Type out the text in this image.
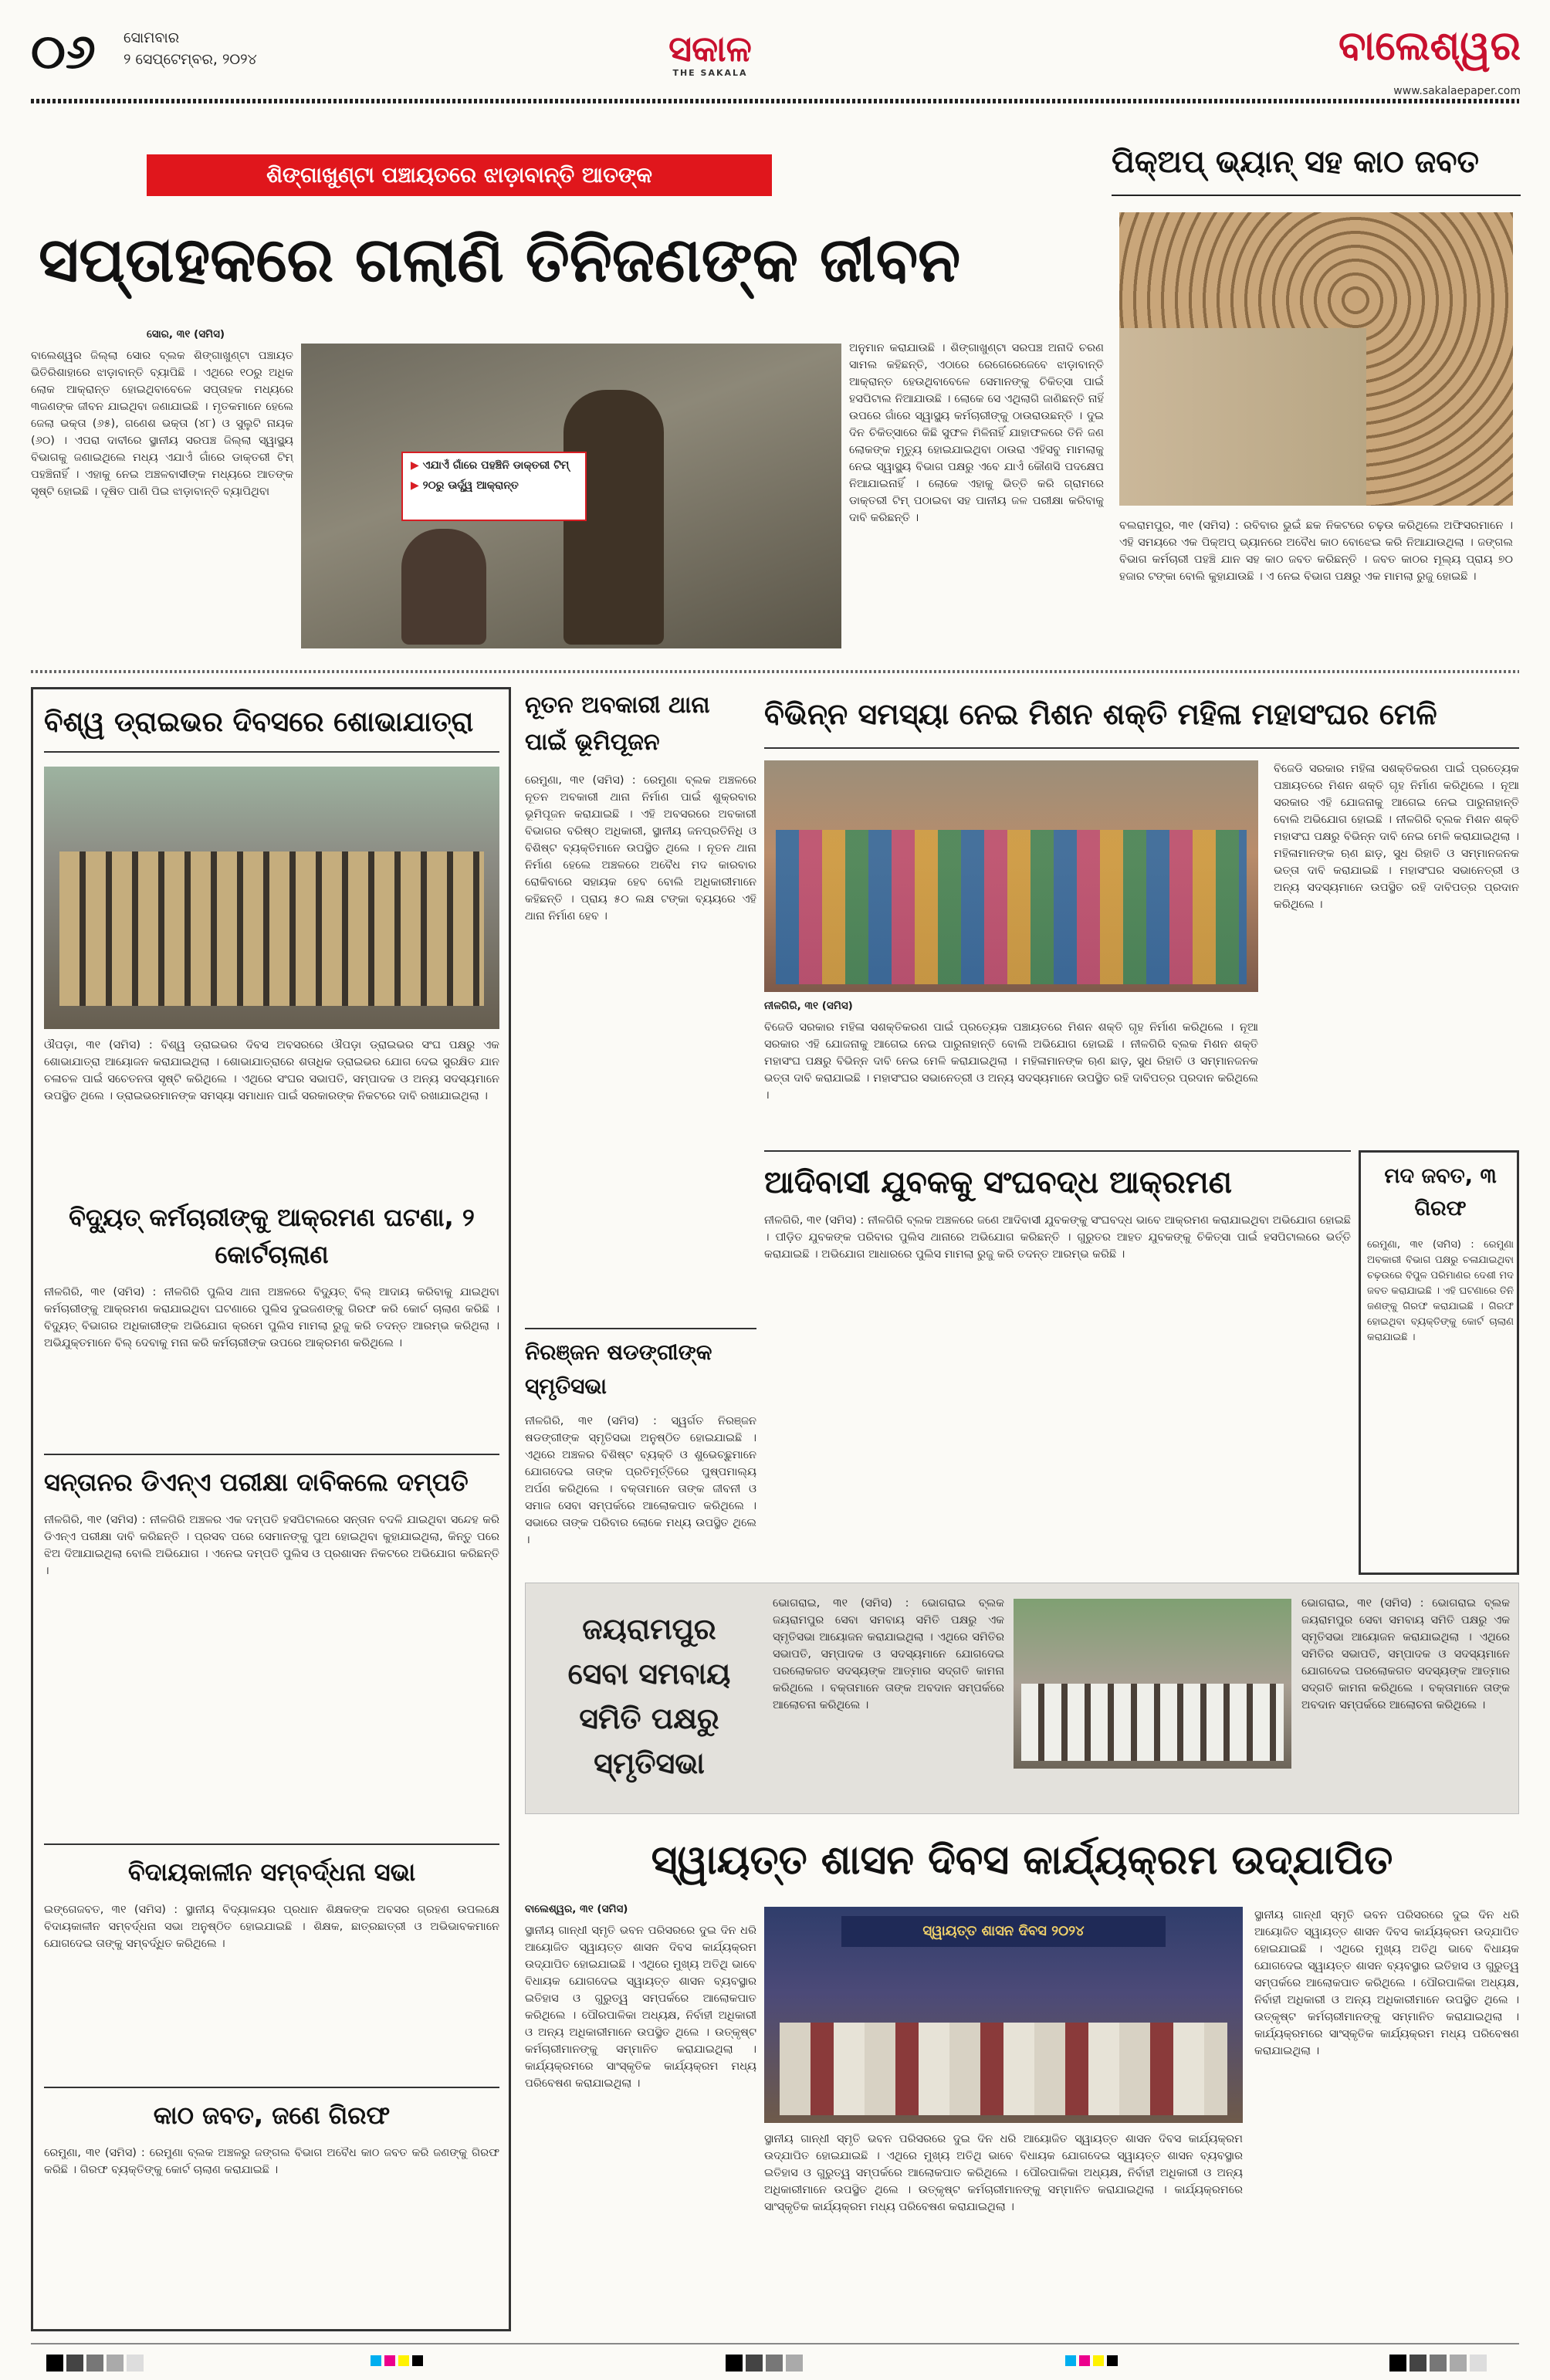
୦୬ ସୋମବାର
୨ ସେପ୍ଟେମ୍ବର, ୨୦୨୪	ସକାଳ
THE SAKALA
ବାଲେଶ୍ୱର
www.sakalaepaper.com
ଶିଙ୍ଗାଖୁଣ୍ଟା ପଞ୍ଚାୟତରେ ଝାଡ଼ାବାନ୍ତି ଆତଙ୍କ
ସପ୍ତାହକରେ ଗଲାଣି ତିନିଜଣଙ୍କ ଜୀବନ
ସୋର, ୩୧ (ସମିସ)
ବାଲେଶ୍ୱର ଜିଲ୍ଲା ସୋର ବ୍ଲକ ଶିଙ୍ଗାଖୁଣ୍ଟା ପଞ୍ଚାୟତ ଭିତିରିଶାହାରେ ଝାଡ଼ାବାନ୍ତି ବ୍ୟାପିଛି । ଏଥିରେ ୧୦ରୁ ଅଧିକ ଲୋକ ଆକ୍ରାନ୍ତ ହୋଇଥିବାବେଳେ ସପ୍ତାହକ ମଧ୍ୟରେ ୩ଜଣଙ୍କ ଜୀବନ ଯାଇଥିବା ଜଣାଯାଇଛି । ମୃତକମାନେ ହେଲେ ଜେଲା ଭକ୍ତା (୬୫), ଗଣେଶ ଭକ୍ତା (୪୮) ଓ ସୁଲୁଟି ନାୟକ (୬୦) । ଏପରା ଦାବୀରେ ସ୍ଥାନୀୟ ସରପଞ୍ଚ ଜିଲ୍ଲା ସ୍ୱାସ୍ଥ୍ୟ ବିଭାଗକୁ ଜଣାଇଥିଲେ ମଧ୍ୟ ଏଯାଏଁ ଗାଁରେ ଡାକ୍ତରୀ ଟିମ୍ ପହଞ୍ଚିନାହିଁ । ଏହାକୁ ନେଇ ଅଞ୍ଚଳବାସୀଙ୍କ ମଧ୍ୟରେ ଆତଙ୍କ ସୃଷ୍ଟି ହୋଇଛି । ଦୂଷିତ ପାଣି ପିଇ ଝାଡ଼ାବାନ୍ତି ବ୍ୟାପିଥିବା
▶ ଏଯାଏଁ ଗାଁରେ ପହଞ୍ଚିନି ଡାକ୍ତରୀ ଟିମ୍
▶ ୨୦ରୁ ଊର୍ଦ୍ଧ୍ୱ ଆକ୍ରାନ୍ତ
ଅନୁମାନ କରାଯାଉଛି । ଶିଙ୍ଗାଖୁଣ୍ଟା ସରପଞ୍ଚ ଅନାଦି ଚରଣ ସାମଲ କହିଛନ୍ତି, ଏଠାରେ ରେଗେରେଜେବେ ଝାଡ଼ାବାନ୍ତି ଆକ୍ରାନ୍ତ ହେଉଥିବାବେଳେ ସେମାନଙ୍କୁ ଚିକିତ୍ସା ପାଇଁ ହସପିଟାଲ ନିଆଯାଉଛି । ଲୋକେ ସେ ଏଥିଲାଗି ଜାଣିଛନ୍ତି ନାହିଁ ଉପରେ ଗାଁରେ ସ୍ୱାସ୍ଥ୍ୟ କର୍ମଚାରୀଙ୍କୁ ଠାଉରାଉଛନ୍ତି । ଦୁଇ ଦିନ ଚିକିତ୍ସାରେ କିଛି ସୁଫଳ ମିଳିନାହିଁ ଯାହାଫଳରେ ତିନି ଜଣ ଲୋକଙ୍କ ମୃତ୍ୟୁ ହୋଇଯାଇଥିବା ଠାଉରା ଏହିସବୁ ମାମଲାକୁ ନେଇ ସ୍ୱାସ୍ଥ୍ୟ ବିଭାଗ ପକ୍ଷରୁ ଏବେ ଯାଏଁ କୌଣସି ପଦକ୍ଷେପ ନିଆଯାଇନାହିଁ । ଲୋକେ ଏହାକୁ ଭିତ୍ତି କରି ଗ୍ରାମରେ ଡାକ୍ତରୀ ଟିମ୍ ପଠାଇବା ସହ ପାନୀୟ ଜଳ ପରୀକ୍ଷା କରିବାକୁ ଦାବି କରିଛନ୍ତି ।
ପିକ୍‌ଅପ୍ ଭ୍ୟାନ୍ ସହ କାଠ ଜବତ
ବଲରାମପୁର, ୩୧ (ସମିସ) : ରବିବାର ଭୁଇଁ ଛକ ନିକଟରେ ଚଢ଼ଉ କରିଥିଲେ ଅଫିସରମାନେ । ଏହି ସମୟରେ ଏକ ପିକ୍‌ଅପ୍ ଭ୍ୟାନରେ ଅବୈଧ କାଠ ବୋଝେଇ କରି ନିଆଯାଉଥିଲା । ଜଙ୍ଗଲ ବିଭାଗ କର୍ମଚାରୀ ପହଞ୍ଚି ଯାନ ସହ କାଠ ଜବତ କରିଛନ୍ତି । ଜବତ କାଠର ମୂଲ୍ୟ ପ୍ରାୟ ୭୦ ହଜାର ଟଙ୍କା ବୋଲି କୁହାଯାଉଛି । ଏ ନେଇ ବିଭାଗ ପକ୍ଷରୁ ଏକ ମାମଲା ରୁଜୁ ହୋଇଛି ।
ବିଶ୍ୱ ଡ୍ରାଇଭର ଦିବସରେ ଶୋଭାଯାତ୍ରା
ଔପଡ଼ା, ୩୧ (ସମିସ) : ବିଶ୍ୱ ଡ୍ରାଇଭର ଦିବସ ଅବସରରେ ଔପଡ଼ା ଡ୍ରାଇଭର ସଂଘ ପକ୍ଷରୁ ଏକ ଶୋଭାଯାତ୍ରା ଆୟୋଜନ କରାଯାଇଥିଲା । ଶୋଭାଯାତ୍ରାରେ ଶତାଧିକ ଡ୍ରାଇଭର ଯୋଗ ଦେଇ ସୁରକ୍ଷିତ ଯାନ ଚଳାଚଳ ପାଇଁ ସଚେତନତା ସୃଷ୍ଟି କରିଥିଲେ । ଏଥିରେ ସଂଘର ସଭାପତି, ସମ୍ପାଦକ ଓ ଅନ୍ୟ ସଦସ୍ୟମାନେ ଉପସ୍ଥିତ ଥିଲେ । ଡ୍ରାଇଭରମାନଙ୍କ ସମସ୍ୟା ସମାଧାନ ପାଇଁ ସରକାରଙ୍କ ନିକଟରେ ଦାବି ରଖାଯାଇଥିଲା ।
ବିଦ୍ୟୁତ୍ କର୍ମଚାରୀଙ୍କୁ ଆକ୍ରମଣ ଘଟଣା, ୨ କୋର୍ଟଚାଲାଣ
ନୀଳଗିରି, ୩୧ (ସମିସ) : ନୀଳଗିରି ପୁଲିସ ଥାନା ଅଞ୍ଚଳରେ ବିଦ୍ୟୁତ୍ ବିଲ୍ ଆଦାୟ କରିବାକୁ ଯାଇଥିବା କର୍ମଚାରୀଙ୍କୁ ଆକ୍ରମଣ କରାଯାଇଥିବା ଘଟଣାରେ ପୁଲିସ ଦୁଇଜଣଙ୍କୁ ଗିରଫ କରି କୋର୍ଟ ଚାଲାଣ କରିଛି । ବିଦ୍ୟୁତ୍ ବିଭାଗର ଅଧିକାରୀଙ୍କ ଅଭିଯୋଗ କ୍ରମେ ପୁଲିସ ମାମଲା ରୁଜୁ କରି ତଦନ୍ତ ଆରମ୍ଭ କରିଥିଲା । ଅଭିଯୁକ୍ତମାନେ ବିଲ୍ ଦେବାକୁ ମନା କରି କର୍ମଚାରୀଙ୍କ ଉପରେ ଆକ୍ରମଣ କରିଥିଲେ ।
ସନ୍ତାନର ଡିଏନ୍‌ଏ ପରୀକ୍ଷା ଦାବିକଲେ ଦମ୍ପତି
ନୀଳଗିରି, ୩୧ (ସମିସ) : ନୀଳଗିରି ଅଞ୍ଚଳର ଏକ ଦମ୍ପତି ହସପିଟାଲରେ ସନ୍ତାନ ବଦଳି ଯାଇଥିବା ସନ୍ଦେହ କରି ଡିଏନ୍‌ଏ ପରୀକ୍ଷା ଦାବି କରିଛନ୍ତି । ପ୍ରସବ ପରେ ସେମାନଙ୍କୁ ପୁଅ ହୋଇଥିବା କୁହାଯାଇଥିଲା, କିନ୍ତୁ ପରେ ଝିଅ ଦିଆଯାଇଥିଲା ବୋଲି ଅଭିଯୋଗ । ଏନେଇ ଦମ୍ପତି ପୁଲିସ ଓ ପ୍ରଶାସନ ନିକଟରେ ଅଭିଯୋଗ କରିଛନ୍ତି ।
ବିଦାୟକାଳୀନ ସମ୍ବର୍ଦ୍ଧନା ସଭା
ଇଙ୍ଗେଜବତ, ୩୧ (ସମିସ) : ସ୍ଥାନୀୟ ବିଦ୍ୟାଳୟର ପ୍ରଧାନ ଶିକ୍ଷକଙ୍କ ଅବସର ଗ୍ରହଣ ଉପଲକ୍ଷେ ବିଦାୟକାଳୀନ ସମ୍ବର୍ଦ୍ଧନା ସଭା ଅନୁଷ୍ଠିତ ହୋଇଯାଇଛି । ଶିକ୍ଷକ, ଛାତ୍ରଛାତ୍ରୀ ଓ ଅଭିଭାବକମାନେ ଯୋଗଦେଇ ତାଙ୍କୁ ସମ୍ବର୍ଦ୍ଧିତ କରିଥିଲେ ।
କାଠ ଜବତ, ଜଣେ ଗିରଫ
ରେମୁଣା, ୩୧ (ସମିସ) : ରେମୁଣା ବ୍ଲକ ଅଞ୍ଚଳରୁ ଜଙ୍ଗଲ ବିଭାଗ ଅବୈଧ କାଠ ଜବତ କରି ଜଣଙ୍କୁ ଗିରଫ କରିଛି । ଗିରଫ ବ୍ୟକ୍ତିଙ୍କୁ କୋର୍ଟ ଚାଲାଣ କରାଯାଇଛି ।
ନୂତନ ଅବକାରୀ ଥାନା ପାଇଁ ଭୂମିପୂଜନ
ରେମୁଣା, ୩୧ (ସମିସ) : ରେମୁଣା ବ୍ଲକ ଅଞ୍ଚଳରେ ନୂତନ ଅବକାରୀ ଥାନା ନିର୍ମାଣ ପାଇଁ ଶୁକ୍ରବାର ଭୂମିପୂଜନ କରାଯାଇଛି । ଏହି ଅବସରରେ ଅବକାରୀ ବିଭାଗର ବରିଷ୍ଠ ଅଧିକାରୀ, ସ୍ଥାନୀୟ ଜନପ୍ରତିନିଧି ଓ ବିଶିଷ୍ଟ ବ୍ୟକ୍ତିମାନେ ଉପସ୍ଥିତ ଥିଲେ । ନୂତନ ଥାନା ନିର୍ମାଣ ହେଲେ ଅଞ୍ଚଳରେ ଅବୈଧ ମଦ କାରବାର ରୋକିବାରେ ସହାୟକ ହେବ ବୋଲି ଅଧିକାରୀମାନେ କହିଛନ୍ତି । ପ୍ରାୟ ୫୦ ଲକ୍ଷ ଟଙ୍କା ବ୍ୟୟରେ ଏହି ଥାନା ନିର୍ମାଣ ହେବ ।
ନିରଞ୍ଜନ ଷଡଙ୍ଗୀଙ୍କ ସ୍ମୃତିସଭା
ନୀଳଗିରି, ୩୧ (ସମିସ) : ସ୍ୱର୍ଗତ ନିରଞ୍ଜନ ଷଡଙ୍ଗୀଙ୍କ ସ୍ମୃତିସଭା ଅନୁଷ୍ଠିତ ହୋଇଯାଇଛି । ଏଥିରେ ଅଞ୍ଚଳର ବିଶିଷ୍ଟ ବ୍ୟକ୍ତି ଓ ଶୁଭେଚ୍ଛୁମାନେ ଯୋଗଦେଇ ତାଙ୍କ ପ୍ରତିମୂର୍ତ୍ତିରେ ପୁଷ୍ପମାଲ୍ୟ ଅର୍ପଣ କରିଥିଲେ । ବକ୍ତାମାନେ ତାଙ୍କ ଜୀବନୀ ଓ ସମାଜ ସେବା ସମ୍ପର୍କରେ ଆଲୋକପାତ କରିଥିଲେ । ସଭାରେ ତାଙ୍କ ପରିବାର ଲୋକେ ମଧ୍ୟ ଉପସ୍ଥିତ ଥିଲେ ।
ବିଭିନ୍ନ ସମସ୍ୟା ନେଇ ମିଶନ ଶକ୍ତି ମହିଳା ମହାସଂଘର ମେଳି
ନୀଳଗିରି, ୩୧ (ସମିସ)
ବିଜେଡି ସରକାର ମହିଳା ସଶକ୍ତିକରଣ ପାଇଁ ପ୍ରତ୍ୟେକ ପଞ୍ଚାୟତରେ ମିଶନ ଶକ୍ତି ଗୃହ ନିର୍ମାଣ କରିଥିଲେ । ନୂଆ ସରକାର ଏହି ଯୋଜନାକୁ ଆଗେଇ ନେଇ ପାରୁନାହାନ୍ତି ବୋଲି ଅଭିଯୋଗ ହୋଇଛି । ନୀଳଗିରି ବ୍ଲକ ମିଶନ ଶକ୍ତି ମହାସଂଘ ପକ୍ଷରୁ ବିଭିନ୍ନ ଦାବି ନେଇ ମେଳି କରାଯାଇଥିଲା । ମହିଳାମାନଙ୍କ ଋଣ ଛାଡ଼, ସୁଧ ରିହାତି ଓ ସମ୍ମାନଜନକ ଭତ୍ତା ଦାବି କରାଯାଇଛି । ମହାସଂଘର ସଭାନେତ୍ରୀ ଓ ଅନ୍ୟ ସଦସ୍ୟମାନେ ଉପସ୍ଥିତ ରହି ଦାବିପତ୍ର ପ୍ରଦାନ କରିଥିଲେ ।
ବିଜେଡି ସରକାର ମହିଳା ସଶକ୍ତିକରଣ ପାଇଁ ପ୍ରତ୍ୟେକ ପଞ୍ଚାୟତରେ ମିଶନ ଶକ୍ତି ଗୃହ ନିର୍ମାଣ କରିଥିଲେ । ନୂଆ ସରକାର ଏହି ଯୋଜନାକୁ ଆଗେଇ ନେଇ ପାରୁନାହାନ୍ତି ବୋଲି ଅଭିଯୋଗ ହୋଇଛି । ନୀଳଗିରି ବ୍ଲକ ମିଶନ ଶକ୍ତି ମହାସଂଘ ପକ୍ଷରୁ ବିଭିନ୍ନ ଦାବି ନେଇ ମେଳି କରାଯାଇଥିଲା । ମହିଳାମାନଙ୍କ ଋଣ ଛାଡ଼, ସୁଧ ରିହାତି ଓ ସମ୍ମାନଜନକ ଭତ୍ତା ଦାବି କରାଯାଇଛି । ମହାସଂଘର ସଭାନେତ୍ରୀ ଓ ଅନ୍ୟ ସଦସ୍ୟମାନେ ଉପସ୍ଥିତ ରହି ଦାବିପତ୍ର ପ୍ରଦାନ କରିଥିଲେ ।
ଆଦିବାସୀ ଯୁବକକୁ ସଂଘବଦ୍ଧ ଆକ୍ରମଣ
ନୀଳଗିରି, ୩୧ (ସମିସ) : ନୀଳଗିରି ବ୍ଲକ ଅଞ୍ଚଳରେ ଜଣେ ଆଦିବାସୀ ଯୁବକଙ୍କୁ ସଂଘବଦ୍ଧ ଭାବେ ଆକ୍ରମଣ କରାଯାଇଥିବା ଅଭିଯୋଗ ହୋଇଛି । ପୀଡ଼ିତ ଯୁବକଙ୍କ ପରିବାର ପୁଲିସ ଥାନାରେ ଅଭିଯୋଗ କରିଛନ୍ତି । ଗୁରୁତର ଆହତ ଯୁବକଙ୍କୁ ଚିକିତ୍ସା ପାଇଁ ହସପିଟାଲରେ ଭର୍ତ୍ତି କରାଯାଇଛି । ଅଭିଯୋଗ ଆଧାରରେ ପୁଲିସ ମାମଲା ରୁଜୁ କରି ତଦନ୍ତ ଆରମ୍ଭ କରିଛି ।
ମଦ ଜବତ, ୩ ଗିରଫ
ରେମୁଣା, ୩୧ (ସମିସ) : ରେମୁଣା ଅବକାରୀ ବିଭାଗ ପକ୍ଷରୁ ଚଳାଯାଇଥିବା ଚଢ଼ଉରେ ବିପୁଳ ପରିମାଣର ଦେଶୀ ମଦ ଜବତ କରାଯାଇଛି । ଏହି ଘଟଣାରେ ତିନି ଜଣଙ୍କୁ ଗିରଫ କରାଯାଇଛି । ଗିରଫ ହୋଇଥିବା ବ୍ୟକ୍ତିଙ୍କୁ କୋର୍ଟ ଚାଲାଣ କରାଯାଇଛି ।
ଜୟରାମପୁର
ସେବା ସମବାୟ
ସମିତି ପକ୍ଷରୁ
ସ୍ମୃତିସଭା
ଭୋଗରାଇ, ୩୧ (ସମିସ) : ଭୋଗରାଇ ବ୍ଲକ ଜୟରାମପୁର ସେବା ସମବାୟ ସମିତି ପକ୍ଷରୁ ଏକ ସ୍ମୃତିସଭା ଆୟୋଜନ କରାଯାଇଥିଲା । ଏଥିରେ ସମିତିର ସଭାପତି, ସମ୍ପାଦକ ଓ ସଦସ୍ୟମାନେ ଯୋଗଦେଇ ପରଲୋକଗତ ସଦସ୍ୟଙ୍କ ଆତ୍ମାର ସଦ୍‌ଗତି କାମନା କରିଥିଲେ । ବକ୍ତାମାନେ ତାଙ୍କ ଅବଦାନ ସମ୍ପର୍କରେ ଆଲୋଚନା କରିଥିଲେ ।
ଭୋଗରାଇ, ୩୧ (ସମିସ) : ଭୋଗରାଇ ବ୍ଲକ ଜୟରାମପୁର ସେବା ସମବାୟ ସମିତି ପକ୍ଷରୁ ଏକ ସ୍ମୃତିସଭା ଆୟୋଜନ କରାଯାଇଥିଲା । ଏଥିରେ ସମିତିର ସଭାପତି, ସମ୍ପାଦକ ଓ ସଦସ୍ୟମାନେ ଯୋଗଦେଇ ପରଲୋକଗତ ସଦସ୍ୟଙ୍କ ଆତ୍ମାର ସଦ୍‌ଗତି କାମନା କରିଥିଲେ । ବକ୍ତାମାନେ ତାଙ୍କ ଅବଦାନ ସମ୍ପର୍କରେ ଆଲୋଚନା କରିଥିଲେ ।
ସ୍ୱାୟତ୍ତ ଶାସନ ଦିବସ କାର୍ଯ୍ୟକ୍ରମ ଉଦ୍‌ଯାପିତ
ବାଲେଶ୍ୱର, ୩୧ (ସମିସ)
ସ୍ଥାନୀୟ ଗାନ୍ଧୀ ସ୍ମୃତି ଭବନ ପରିସରରେ ଦୁଇ ଦିନ ଧରି ଆୟୋଜିତ ସ୍ୱାୟତ୍ତ ଶାସନ ଦିବସ କାର୍ଯ୍ୟକ୍ରମ ଉଦ୍‌ଯାପିତ ହୋଇଯାଇଛି । ଏଥିରେ ମୁଖ୍ୟ ଅତିଥି ଭାବେ ବିଧାୟକ ଯୋଗଦେଇ ସ୍ୱାୟତ୍ତ ଶାସନ ବ୍ୟବସ୍ଥାର ଇତିହାସ ଓ ଗୁରୁତ୍ୱ ସମ୍ପର୍କରେ ଆଲୋକପାତ କରିଥିଲେ । ପୌରପାଳିକା ଅଧ୍ୟକ୍ଷ, ନିର୍ବାହୀ ଅଧିକାରୀ ଓ ଅନ୍ୟ ଅଧିକାରୀମାନେ ଉପସ୍ଥିତ ଥିଲେ । ଉତ୍କୃଷ୍ଟ କର୍ମଚାରୀମାନଙ୍କୁ ସମ୍ମାନିତ କରାଯାଇଥିଲା । କାର୍ଯ୍ୟକ୍ରମରେ ସାଂସ୍କୃତିକ କାର୍ଯ୍ୟକ୍ରମ ମଧ୍ୟ ପରିବେଷଣ କରାଯାଇଥିଲା ।
ସ୍ୱାୟତ୍ତ ଶାସନ ଦିବସ ୨୦୨୪
ସ୍ଥାନୀୟ ଗାନ୍ଧୀ ସ୍ମୃତି ଭବନ ପରିସରରେ ଦୁଇ ଦିନ ଧରି ଆୟୋଜିତ ସ୍ୱାୟତ୍ତ ଶାସନ ଦିବସ କାର୍ଯ୍ୟକ୍ରମ ଉଦ୍‌ଯାପିତ ହୋଇଯାଇଛି । ଏଥିରେ ମୁଖ୍ୟ ଅତିଥି ଭାବେ ବିଧାୟକ ଯୋଗଦେଇ ସ୍ୱାୟତ୍ତ ଶାସନ ବ୍ୟବସ୍ଥାର ଇତିହାସ ଓ ଗୁରୁତ୍ୱ ସମ୍ପର୍କରେ ଆଲୋକପାତ କରିଥିଲେ । ପୌରପାଳିକା ଅଧ୍ୟକ୍ଷ, ନିର୍ବାହୀ ଅଧିକାରୀ ଓ ଅନ୍ୟ ଅଧିକାରୀମାନେ ଉପସ୍ଥିତ ଥିଲେ । ଉତ୍କୃଷ୍ଟ କର୍ମଚାରୀମାନଙ୍କୁ ସମ୍ମାନିତ କରାଯାଇଥିଲା । କାର୍ଯ୍ୟକ୍ରମରେ ସାଂସ୍କୃତିକ କାର୍ଯ୍ୟକ୍ରମ ମଧ୍ୟ ପରିବେଷଣ କରାଯାଇଥିଲା ।
ସ୍ଥାନୀୟ ଗାନ୍ଧୀ ସ୍ମୃତି ଭବନ ପରିସରରେ ଦୁଇ ଦିନ ଧରି ଆୟୋଜିତ ସ୍ୱାୟତ୍ତ ଶାସନ ଦିବସ କାର୍ଯ୍ୟକ୍ରମ ଉଦ୍‌ଯାପିତ ହୋଇଯାଇଛି । ଏଥିରେ ମୁଖ୍ୟ ଅତିଥି ଭାବେ ବିଧାୟକ ଯୋଗଦେଇ ସ୍ୱାୟତ୍ତ ଶାସନ ବ୍ୟବସ୍ଥାର ଇତିହାସ ଓ ଗୁରୁତ୍ୱ ସମ୍ପର୍କରେ ଆଲୋକପାତ କରିଥିଲେ । ପୌରପାଳିକା ଅଧ୍ୟକ୍ଷ, ନିର୍ବାହୀ ଅଧିକାରୀ ଓ ଅନ୍ୟ ଅଧିକାରୀମାନେ ଉପସ୍ଥିତ ଥିଲେ । ଉତ୍କୃଷ୍ଟ କର୍ମଚାରୀମାନଙ୍କୁ ସମ୍ମାନିତ କରାଯାଇଥିଲା । କାର୍ଯ୍ୟକ୍ରମରେ ସାଂସ୍କୃତିକ କାର୍ଯ୍ୟକ୍ରମ ମଧ୍ୟ ପରିବେଷଣ କରାଯାଇଥିଲା ।
